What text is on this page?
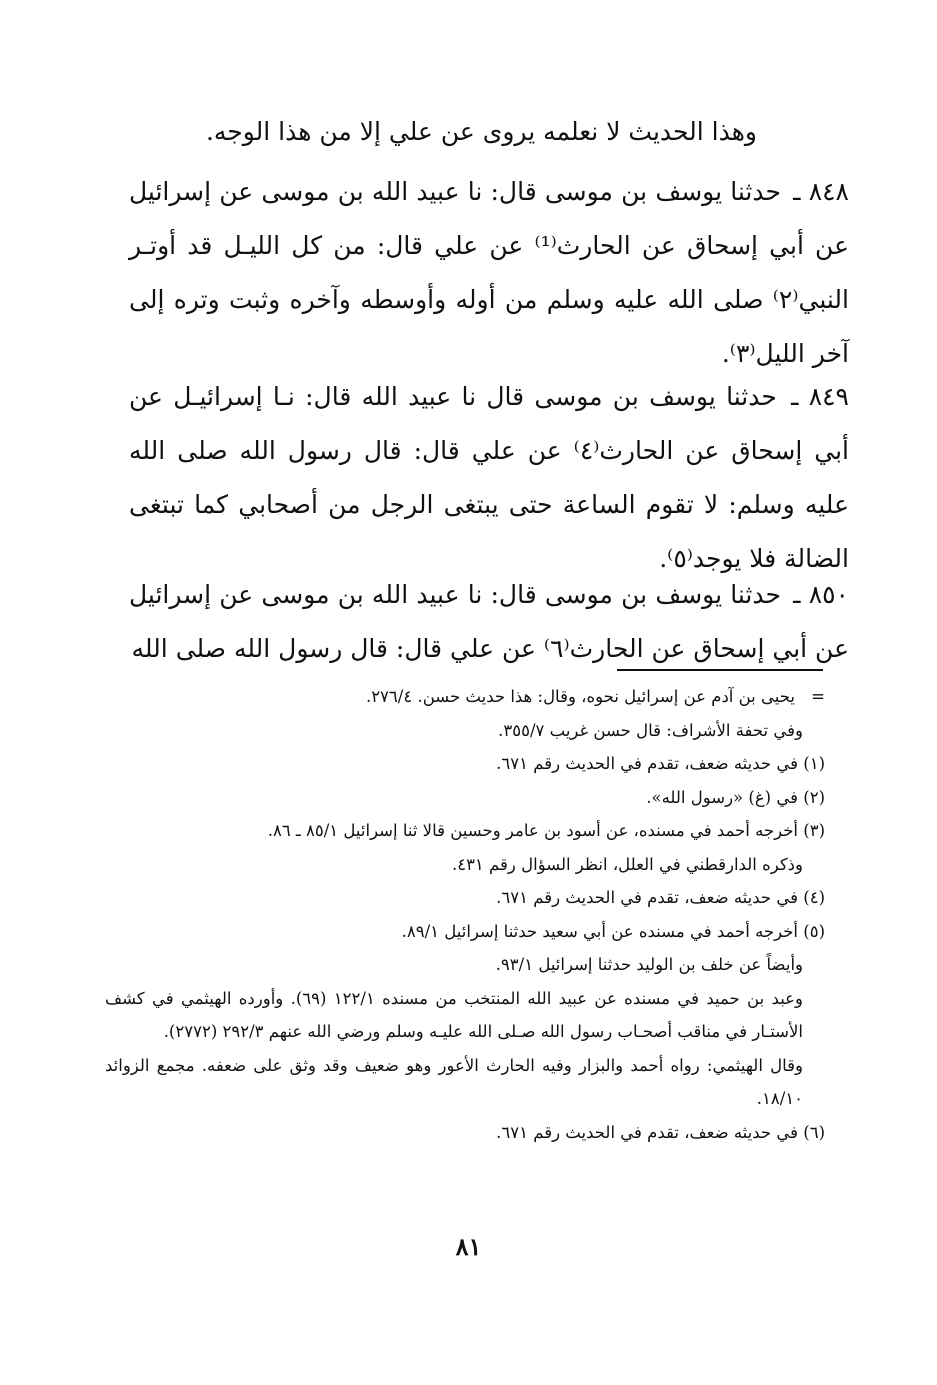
وهذا الحديث لا نعلمه يروى عن علي إلا من هذا الوجه.

٨٤٨ ـ حدثنا يوسف بن موسى قال: نا عبيد الله بن موسى عن إسرائيل عن أبي إسحاق عن الحارث⁽¹⁾ عن علي قال: من كل الليـل قد أوتـر النبي⁽٢⁾ صلى الله عليه وسلم من أوله وأوسطه وآخره وثبت وتره إلى آخر الليل⁽٣⁾.

٨٤٩ ـ حدثنا يوسف بن موسى قال نا عبيد الله قال: نـا إسرائيـل عن أبي إسحاق عن الحارث⁽٤⁾ عن علي قال: قال رسول الله صلى الله عليه وسلم: لا تقوم الساعة حتى يبتغى الرجل من أصحابي كما تبتغى الضالة فلا يوجد⁽٥⁾.

٨٥٠ ـ حدثنا يوسف بن موسى قال: نا عبيد الله بن موسى عن إسرائيل عن أبي إسحاق عن الحارث⁽٦⁾ عن علي قال: قال رسول الله صلى الله

=يحيى بن آدم عن إسرائيل نحوه، وقال: هذا حديث حسن. ٢٧٦/٤.
وفي تحفة الأشراف: قال حسن غريب ٣٥٥/٧.
(١) في حديثه ضعف، تقدم في الحديث رقم ٦٧١.
(٢) في (غ) «رسول الله».
(٣) أخرجه أحمد في مسنده، عن أسود بن عامر وحسين قالا ثنا إسرائيل ٨٥/١ ـ ٨٦.
وذكره الدارقطني في العلل، انظر السؤال رقم ٤٣١.
(٤) في حديثه ضعف، تقدم في الحديث رقم ٦٧١.
(٥) أخرجه أحمد في مسنده عن أبي سعيد حدثنا إسرائيل ٨٩/١.
وأيضاً عن خلف بن الوليد حدثنا إسرائيل ٩٣/١.
وعبد بن حميد في مسنده عن عبيد الله المنتخب من مسنده ١٢٢/١ (٦٩). وأورده الهيثمي في كشف الأستـار في مناقب أصحـاب رسول الله صـلى الله عليـه وسلم ورضي الله عنهم ٢٩٢/٣ (٢٧٧٢).
وقال الهيثمي: رواه أحمد والبزار وفيه الحارث الأعور وهو ضعيف وقد وثق على ضعفه. مجمع الزوائد ١٨/١٠.
(٦) في حديثه ضعف، تقدم في الحديث رقم ٦٧١.
٨١
